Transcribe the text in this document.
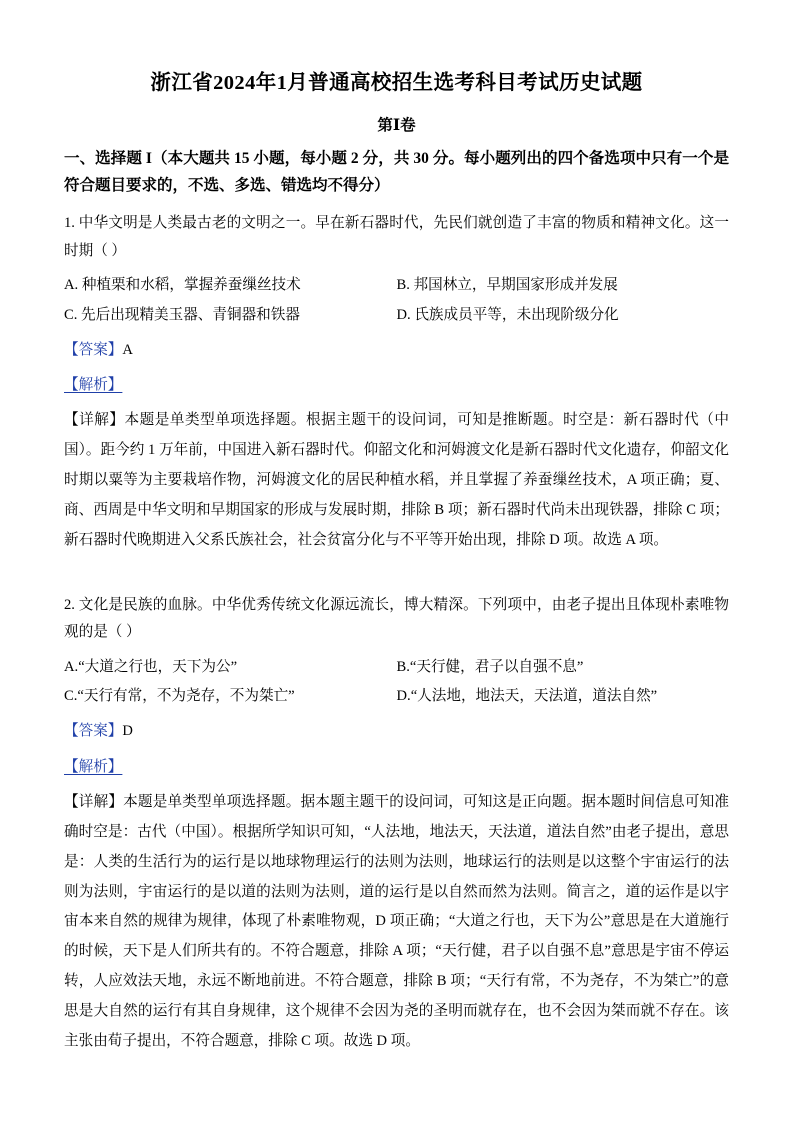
浙江省2024年1月普通高校招生选考科目考试历史试题
第Ⅰ卷
一、选择题 I（本大题共 15 小题，每小题 2 分，共 30 分。每小题列出的四个备选项中只有一个是符合题目要求的，不选、多选、错选均不得分）
1. 中华文明是人类最古老的文明之一。早在新石器时代，先民们就创造了丰富的物质和精神文化。这一时期（ ）
A. 种植栗和水稻，掌握养蚕缫丝技术	B. 邦国林立，早期国家形成并发展
C. 先后出现精美玉器、青铜器和铁器	D. 氏族成员平等，未出现阶级分化
【答案】A
【解析】
【详解】本题是单类型单项选择题。根据主题干的设问词，可知是推断题。时空是：新石器时代（中国）。距今约 1 万年前，中国进入新石器时代。仰韶文化和河姆渡文化是新石器时代文化遗存，仰韶文化时期以粟等为主要栽培作物，河姆渡文化的居民种植水稻，并且掌握了养蚕缫丝技术，A 项正确；夏、商、西周是中华文明和早期国家的形成与发展时期，排除 B 项；新石器时代尚未出现铁器，排除 C 项；新石器时代晚期进入父系氏族社会，社会贫富分化与不平等开始出现，排除 D 项。故选 A 项。
2. 文化是民族的血脉。中华优秀传统文化源远流长，博大精深。下列项中，由老子提出且体现朴素唯物观的是（ ）
A.“大道之行也，天下为公”	B.“天行健，君子以自强不息”
C.“天行有常，不为尧存，不为桀亡”	D.“人法地，地法天，天法道，道法自然”
【答案】D
【解析】
【详解】本题是单类型单项选择题。据本题主题干的设问词，可知这是正向题。据本题时间信息可知准确时空是：古代（中国）。根据所学知识可知，“人法地，地法天，天法道，道法自然”由老子提出，意思是：人类的生活行为的运行是以地球物理运行的法则为法则，地球运行的法则是以这整个宇宙运行的法则为法则，宇宙运行的是以道的法则为法则，道的运行是以自然而然为法则。简言之，道的运作是以宇宙本来自然的规律为规律，体现了朴素唯物观，D 项正确；“大道之行也，天下为公”意思是在大道施行的时候，天下是人们所共有的。不符合题意，排除 A 项；“天行健，君子以自强不息”意思是宇宙不停运转，人应效法天地，永远不断地前进。不符合题意，排除 B 项；“天行有常，不为尧存，不为桀亡”的意思是大自然的运行有其自身规律，这个规律不会因为尧的圣明而就存在，也不会因为桀而就不存在。该主张由荀子提出，不符合题意，排除 C 项。故选 D 项。
